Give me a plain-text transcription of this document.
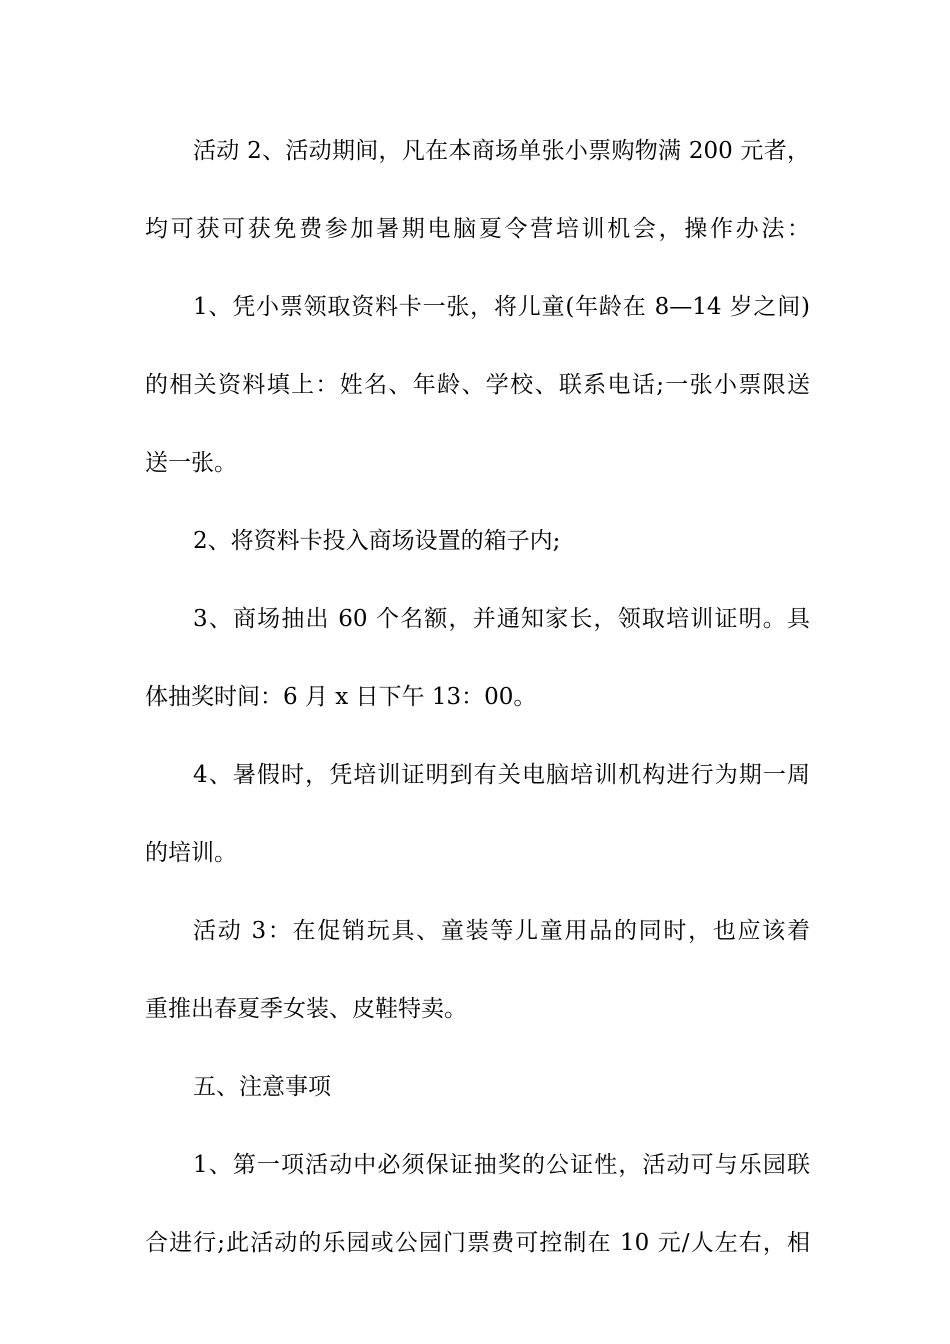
活动 2、活动期间，凡在本商场单张小票购物满 200 元者，
均可获可获免费参加暑期电脑夏令营培训机会，操作办法：
1、凭小票领取资料卡一张，将儿童(年龄在 8—14 岁之间)
的相关资料填上：姓名、年龄、学校、联系电话;一张小票限送
送一张。
2、将资料卡投入商场设置的箱子内;
3、商场抽出 60 个名额，并通知家长，领取培训证明。具
体抽奖时间：6 月 x 日下午 13：00。
4、暑假时，凭培训证明到有关电脑培训机构进行为期一周
的培训。
活动 3：在促销玩具、童装等儿童用品的同时，也应该着
重推出春夏季女装、皮鞋特卖。
五、注意事项
1、第一项活动中必须保证抽奖的公证性，活动可与乐园联
合进行;此活动的乐园或公园门票费可控制在 10 元/人左右，相
